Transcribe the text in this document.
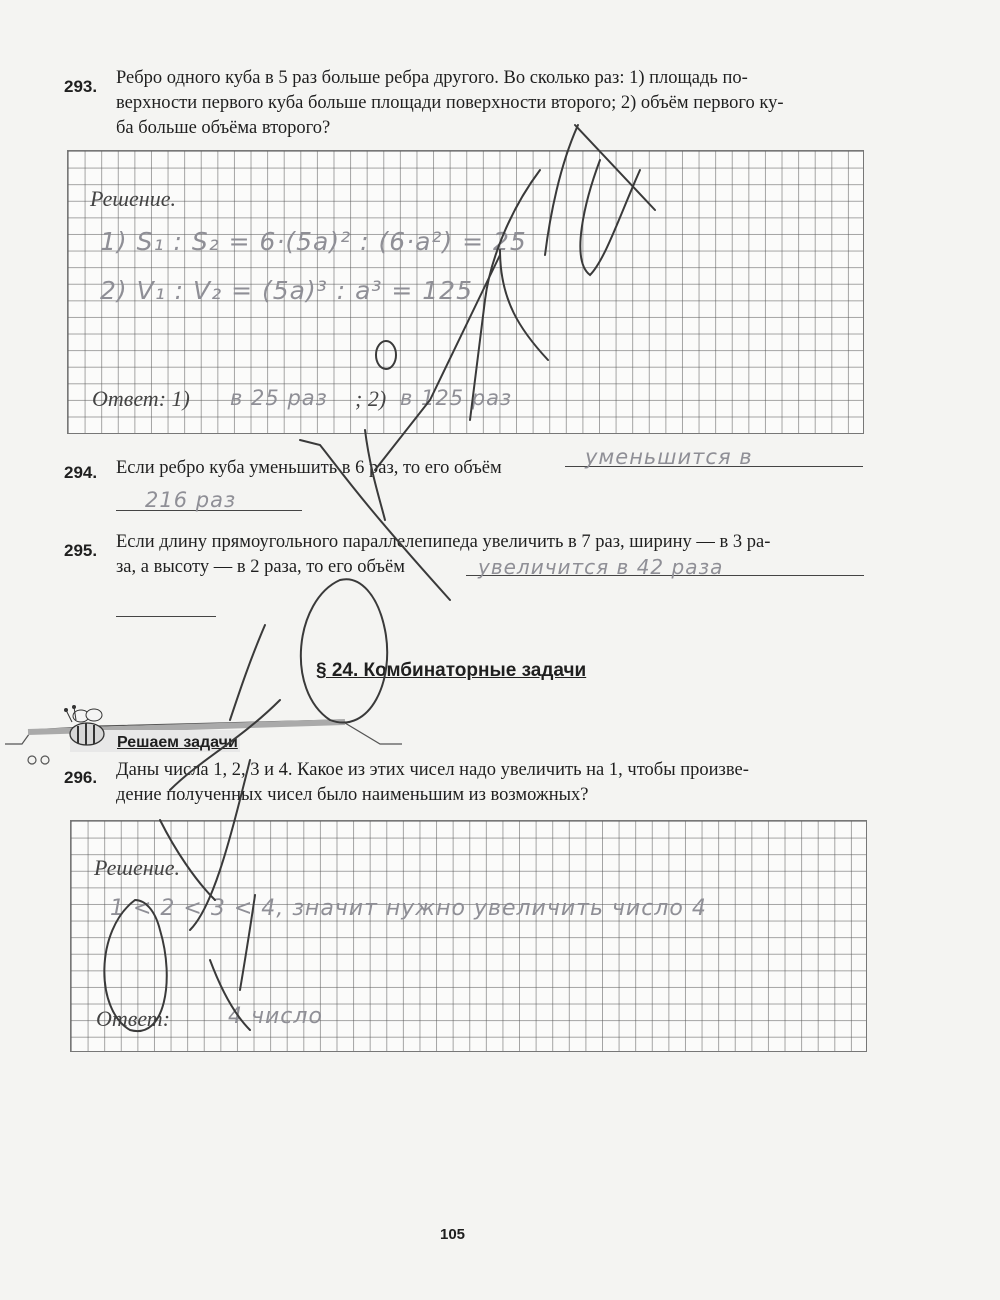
293. Ребро одного куба в 5 раз больше ребра другого. Во сколько раз: 1) площадь по-
верхности первого куба больше площади поверхности второго; 2) объём первого ку-
ба больше объёма второго?
Решение.
1) S₁ : S₂ = 6·(5a)² : (6·a²) = 25
2) V₁ : V₂ = (5a)³ : a³ = 125
Ответ: 1) в 25 раз ; 2) в 125 раз
294. Если ребро куба уменьшить в 6 раз, то его объём	уменьшится в
216 раз
295. Если длину прямоугольного параллелепипеда увеличить в 7 раз, ширину — в 3 ра-
за, а высоту — в 2 раза, то его объём	увеличится в 42 раза
§ 24. Комбинаторные задачи
Решаем задачи
296. Даны числа 1, 2, 3 и 4. Какое из этих чисел надо увеличить на 1, чтобы произве-
дение полученных чисел было наименьшим из возможных?
Решение.
1 < 2 < 3 < 4, значит нужно увеличить число 4
Ответ:	4 число
105
